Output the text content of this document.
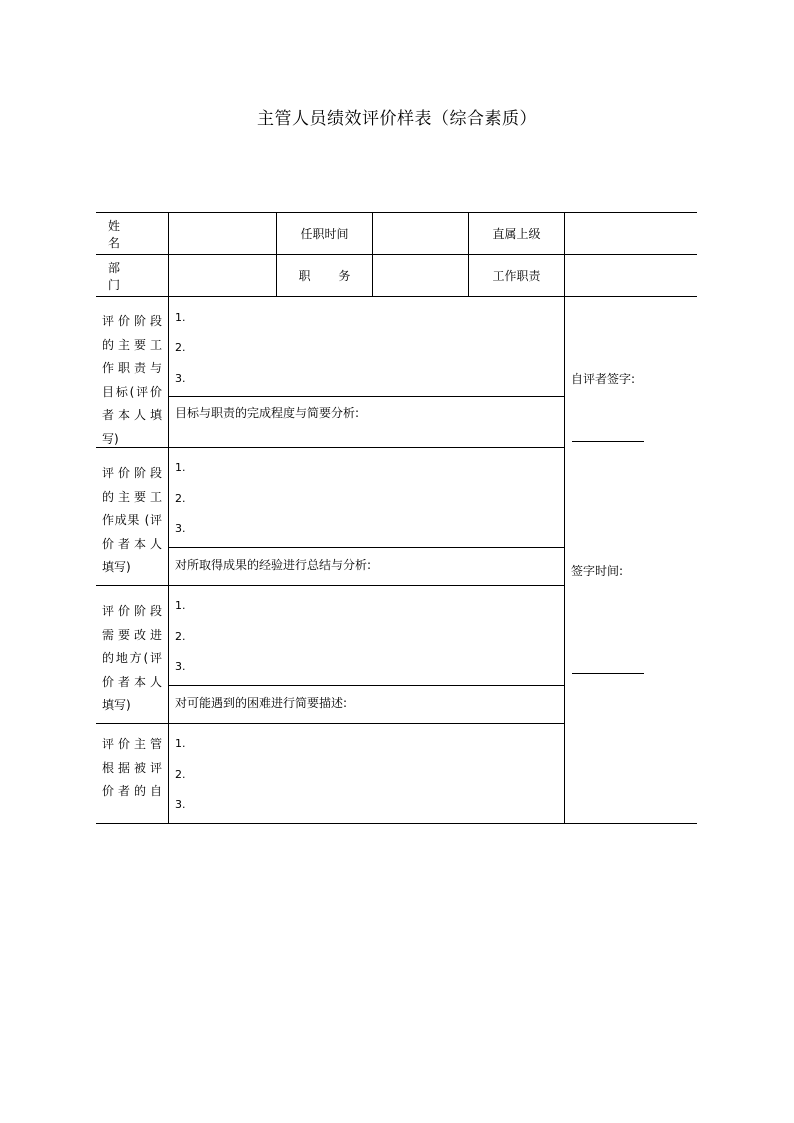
主管人员绩效评价样表（综合素质）
姓 名
任职时间	直属上级
部 门
职 务	工作职责
评价阶段
的主要工
作职责与
目标(评价
者本人填
写)
1.
2.
3.
目标与职责的完成程度与简要分析:
评价阶段
的主要工
作成果 (评
价者本人
填写)
1.
2.
3.
对所取得成果的经验进行总结与分析:
评价阶段
需要改进
的地方(评
价者本人
填写)
1.
2.
3.
对可能遇到的困难进行简要描述:
评价主管
根据被评
价者的自
1.
2.
3.
自评者签字:
签字时间:
